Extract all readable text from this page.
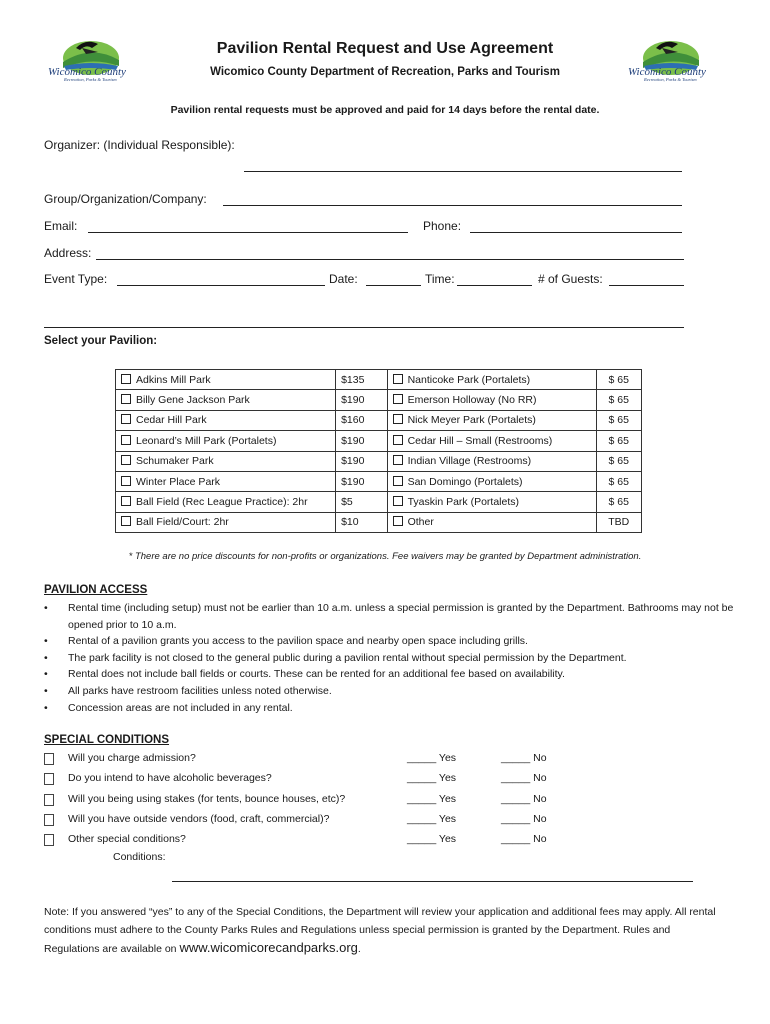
Wicomico County
Recreation, Parks & Tourism
Wicomico County
Recreation, Parks & Tourism
Pavilion Rental Request and Use Agreement
Wicomico County Department of Recreation, Parks and Tourism
Pavilion rental requests must be approved and paid for 14 days before the rental date.
Organizer: (Individual Responsible):
Group/Organization/Company:
Email:	Phone:
Address:
Event Type:	Date:	Time:	# of Guests:
Select your Pavilion:
Adkins Mill Park	$135	Nanticoke Park (Portalets)	$ 65
Billy Gene Jackson Park	$190	Emerson Holloway (No RR)	$ 65
Cedar Hill Park	$160	Nick Meyer Park (Portalets)	$ 65
Leonard’s Mill Park (Portalets)	$190	Cedar Hill – Small (Restrooms)	$ 65
Schumaker Park	$190	Indian Village (Restrooms)	$ 65
Winter Place Park	$190	San Domingo (Portalets)	$ 65
Ball Field (Rec League Practice): 2hr	$5	Tyaskin Park (Portalets)	$ 65
Ball Field/Court: 2hr	$10	Other	TBD
* There are no price discounts for non-profits or organizations. Fee waivers may be granted by Department administration.
PAVILION ACCESS
• Rental time (including setup) must not be earlier than 10 a.m. unless a special permission is granted by the Department. Bathrooms may not be opened prior to 10 a.m.
• Rental of a pavilion grants you access to the pavilion space and nearby open space including grills.
• The park facility is not closed to the general public during a pavilion rental without special permission by the Department.
• Rental does not include ball fields or courts. These can be rented for an additional fee based on availability.
• All parks have restroom facilities unless noted otherwise.
• Concession areas are not included in any rental.
SPECIAL CONDITIONS
Will you charge admission?	_____ Yes	_____ No
Do you intend to have alcoholic beverages?	_____ Yes	_____ No
Will you being using stakes (for tents, bounce houses, etc)?	_____ Yes	_____ No
Will you have outside vendors (food, craft, commercial)?	_____ Yes	_____ No
Other special conditions?	_____ Yes	_____ No
Conditions:
Note: If you answered “yes” to any of the Special Conditions, the Department will review your application and additional fees may apply. All rental conditions must adhere to the County Parks Rules and Regulations unless special permission is granted by the Department. Rules and Regulations are available on www.wicomicorecandparks.org.
